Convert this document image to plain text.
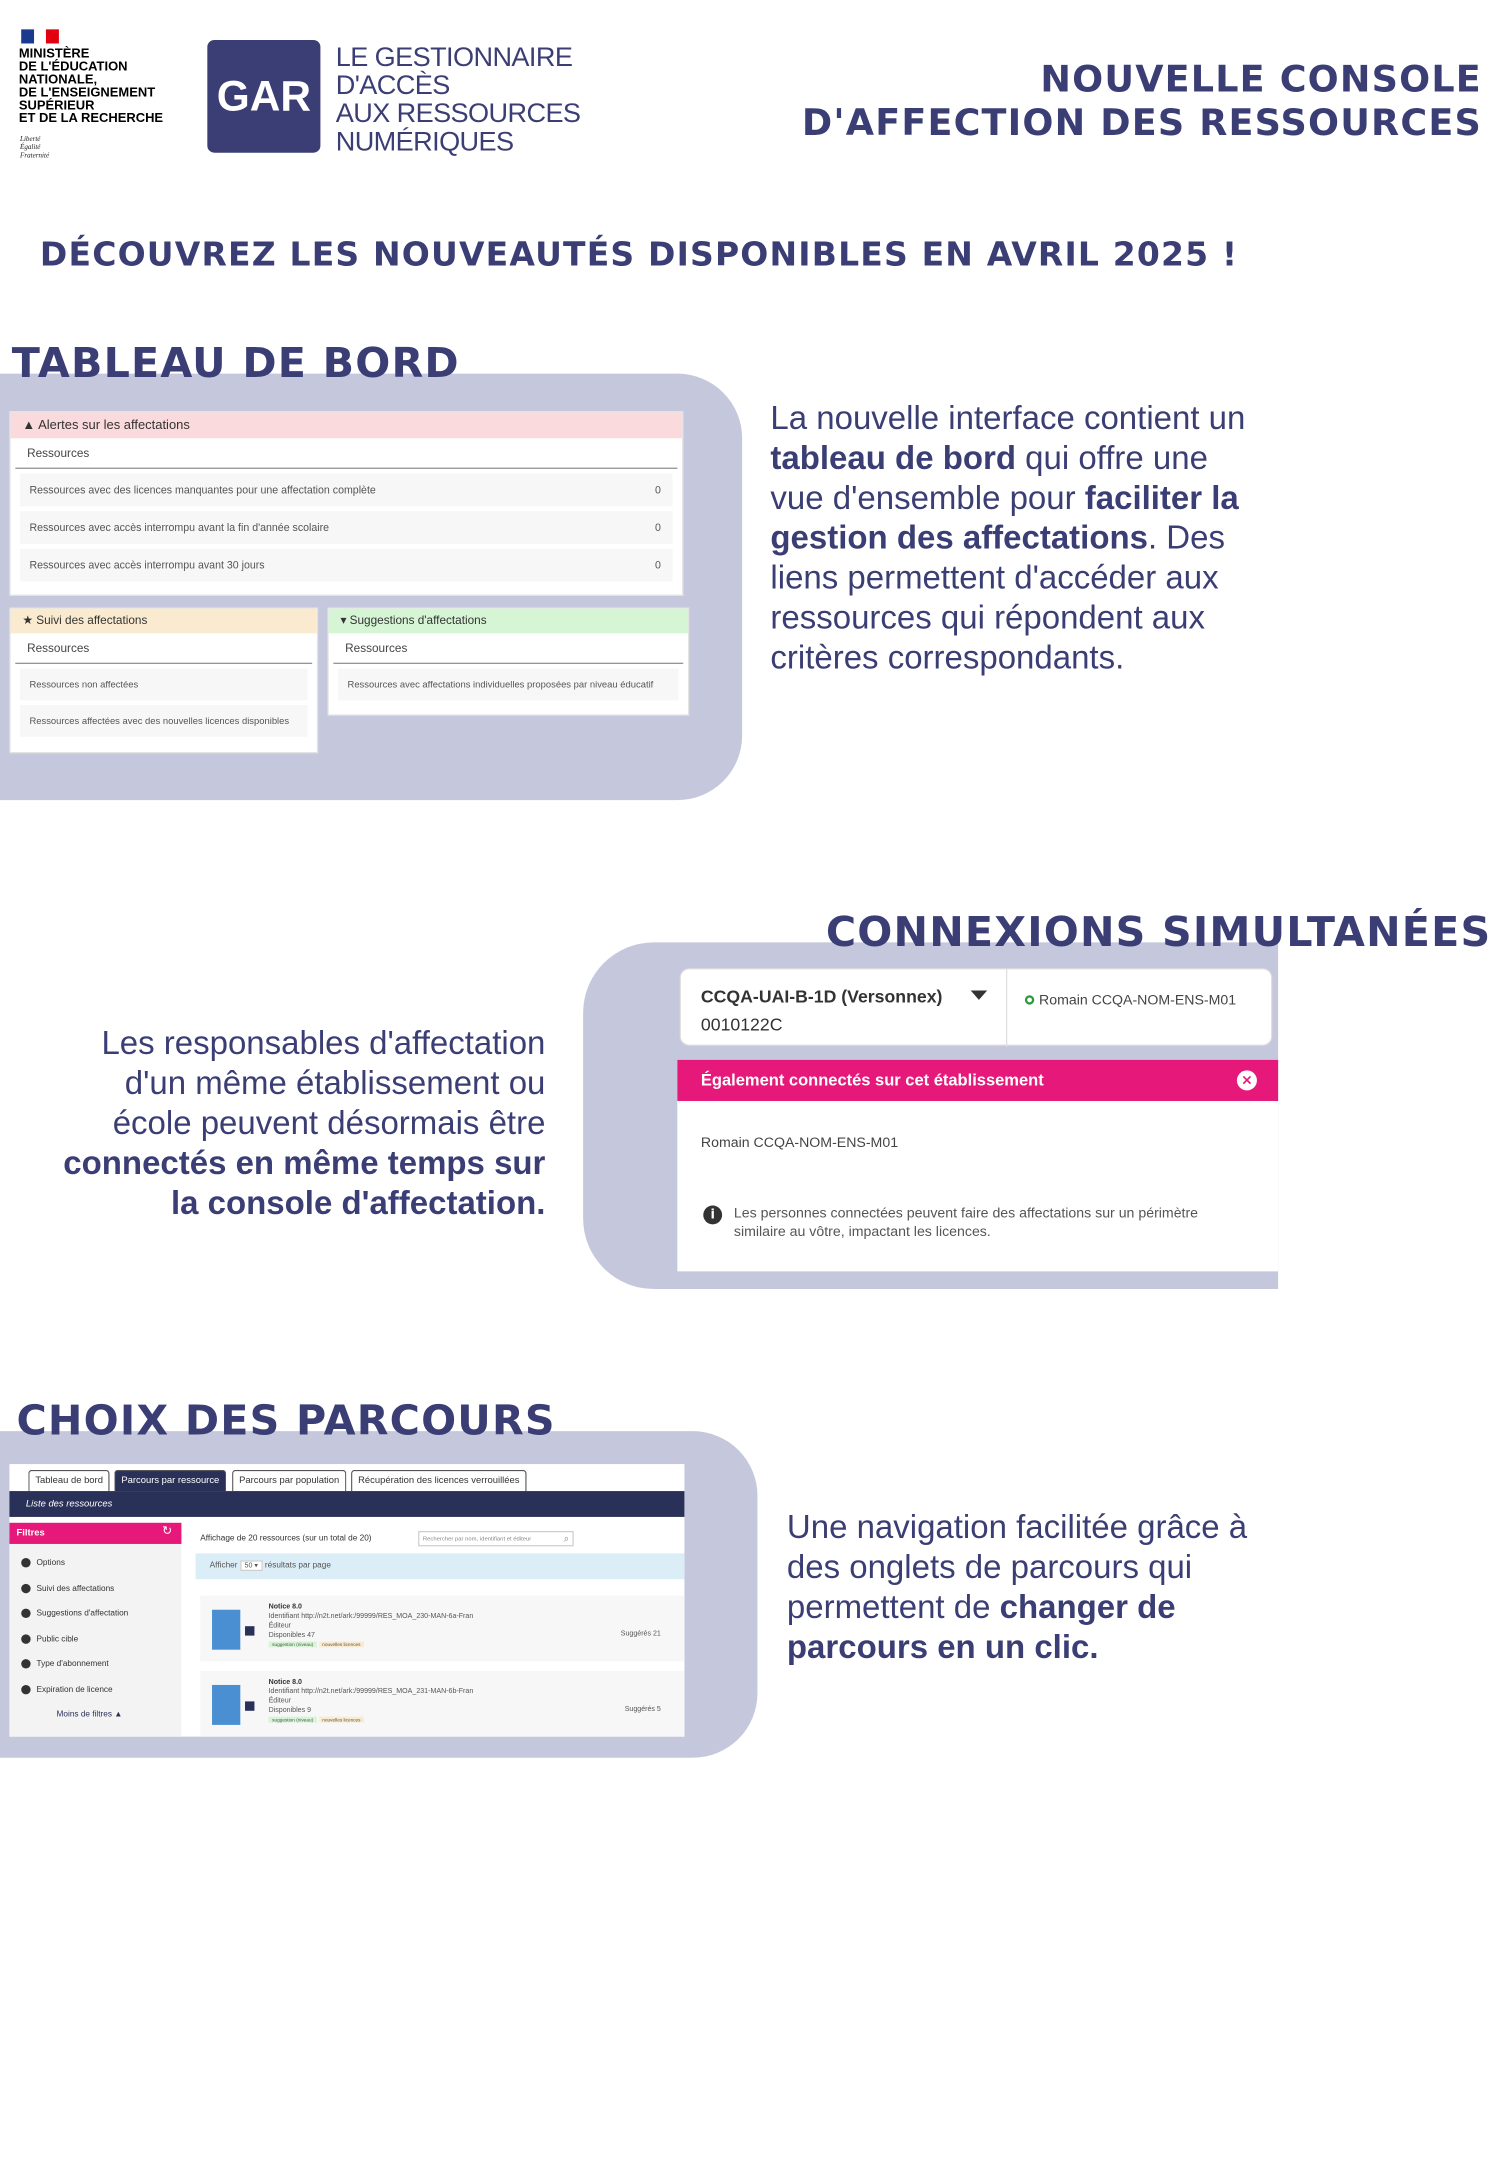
MINISTÈRE
DE L'ÉDUCATION
NATIONALE,
DE L'ENSEIGNEMENT
SUPÉRIEUR
ET DE LA RECHERCHE
Liberté
Égalité
Fraternité
GAR
LE GESTIONNAIRE
D'ACCÈS
AUX RESSOURCES
NUMÉRIQUES
NOUVELLE CONSOLE
D'AFFECTION DES RESSOURCES
DÉCOUVREZ LES NOUVEAUTÉS DISPONIBLES EN AVRIL 2025 !
TABLEAU DE BORD
▲ Alertes sur les affectations
Ressources
Ressources avec des licences manquantes pour une affectation complète	0
Ressources avec accès interrompu avant la fin d'année scolaire	0
Ressources avec accès interrompu avant 30 jours	0
★ Suivi des affectations
Ressources
Ressources non affectées
Ressources affectées avec des nouvelles licences disponibles
▾ Suggestions d'affectations
Ressources
Ressources avec affectations individuelles proposées par niveau éducatif
La nouvelle interface contient un tableau de bord qui offre une vue d'ensemble pour faciliter la gestion des affectations. Des liens permettent d'accéder aux ressources qui répondent aux critères correspondants.
CONNEXIONS SIMULTANÉES
CCQA-UAI-B-1D (Versonnex)
0010122C
Romain CCQA-NOM-ENS-M01
Également connectés sur cet établissement	×
Romain CCQA-NOM-ENS-M01
i	Les personnes connectées peuvent faire des affectations sur un périmètre similaire au vôtre, impactant les licences.
Les responsables d'affectation d'un même établissement ou école peuvent désormais être connectés en même temps sur la console d'affectation.
CHOIX DES PARCOURS
Tableau de bord	Parcours par ressource	Parcours par population	Récupération des licences verrouillées
Liste des ressources
Filtres	↻
Options
Suivi des affectations
Suggestions d'affectation
Public cible
Type d'abonnement
Expiration de licence
Moins de filtres ▲
Affichage de 20 ressources (sur un total de 20)	Rechercher par nom, identifiant et éditeur	⌕
Afficher 50 ▾ résultats par page
Notice 8.0
Identifiant http://n2t.net/ark:/99999/RES_MOA_230-MAN-6a-Fran
Éditeur
Disponibles 47
suggestion (niveau) nouvelles licences
Suggérés 21
Notice 8.0
Identifiant http://n2t.net/ark:/99999/RES_MOA_231-MAN-6b-Fran
Éditeur
Disponibles 9
suggestion (niveau) nouvelles licences
Suggérés 5
Une navigation facilitée grâce à des onglets de parcours qui permettent de changer de parcours en un clic.
